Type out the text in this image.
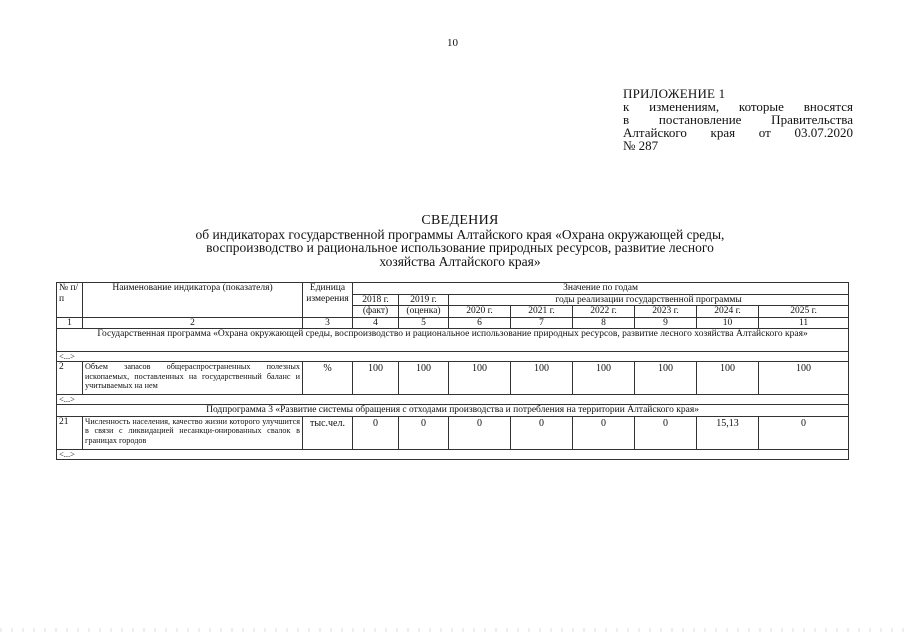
10
ПРИЛОЖЕНИЕ 1
к изменениям, которые вносятся
в постановление Правительства
Алтайского края от 03.07.2020
№ 287
СВЕДЕНИЯ
об индикаторах государственной программы Алтайского края «Охрана окружающей среды,
воспроизводство и рациональное использование природных ресурсов, развитие лесного
хозяйства Алтайского края»
№ п/п	Наименование индикатора (показателя)	Единица измерения	Значение по годам							
			2018 г.	2019 г.	годы реализации государственной программы					
			(факт)	(оценка)	2020 г.	2021 г.	2022 г.	2023 г.	2024 г.	2025 г.
1	2	3	4	5	6	7	8	9	10	11
Государственная программа «Охрана окружающей среды, воспроизводство и рациональное использование природных ресурсов, развитие лесного хозяйства Алтайского края»										
<...>										
2	Объем запасов общераспространенных полезных ископаемых, поставленных на государственный баланс и учитываемых на нем	%	100	100	100	100	100	100	100	100
<...>										
Подпрограмма 3 «Развитие системы обращения с отходами производства и потребления на территории Алтайского края»										
21	Численность населения, качество жизни которого улучшится в связи с ликвидацией несанкци-онированных свалок в границах городов	тыс.чел.	0	0	0	0	0	0	15,13	0
<...>										
